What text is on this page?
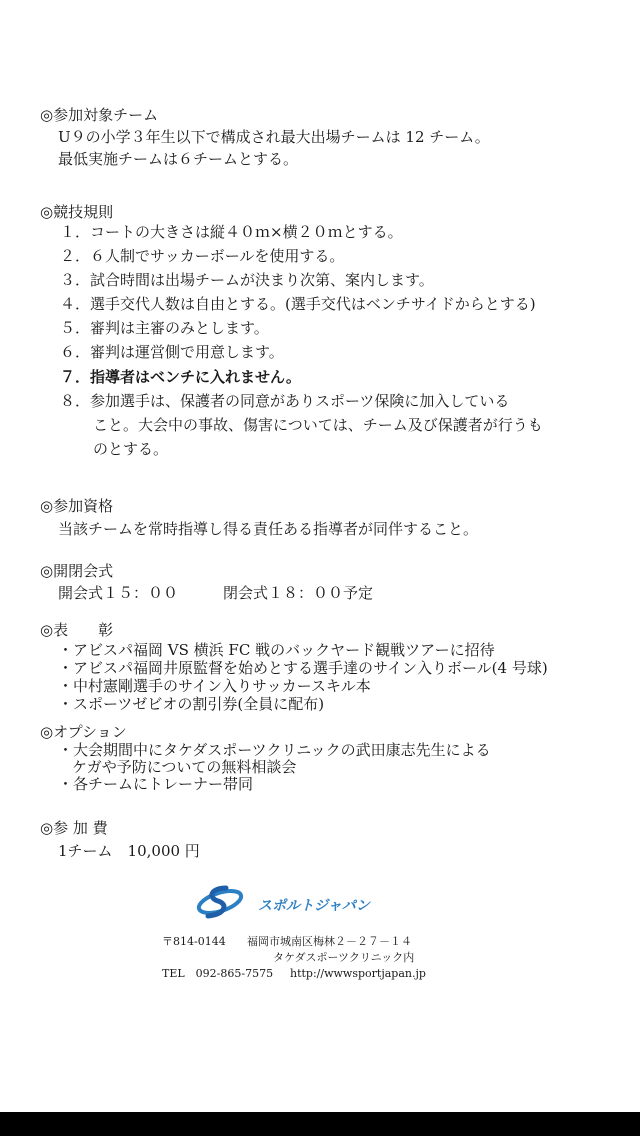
◎参加対象チーム
U９の小学３年生以下で構成され最大出場チームは 12 チーム。
最低実施チームは６チームとする。
◎競技規則
１．コートの大きさは縦４０ｍ×横２０ｍとする。
２．６人制でサッカーボールを使用する。
３．試合時間は出場チームが決まり次第、案内します。
４．選手交代人数は自由とする。(選手交代はベンチサイドからとする)
５．審判は主審のみとします。
６．審判は運営側で用意します。
７．指導者はベンチに入れません。
８．参加選手は、保護者の同意がありスポーツ保険に加入している
こと。大会中の事故、傷害については、チーム及び保護者が行うも
のとする。
◎参加資格
当該チームを常時指導し得る責任ある指導者が同伴すること。
◎開閉会式
開会式１５：００　　　閉会式１８：００予定
◎表　　彰
・アビスパ福岡 VS 横浜 FC 戦のバックヤード観戦ツアーに招待
・アビスパ福岡井原監督を始めとする選手達のサイン入りボール(4 号球)
・中村憲剛選手のサイン入りサッカースキル本
・スポーツゼビオの割引券(全員に配布)
◎オプション
・大会期間中にタケダスポーツクリニックの武田康志先生による
ケガや予防についての無料相談会
・各チームにトレーナー帯同
◎参 加 費
1チーム　10,000 円
スポルトジャパン
〒814-0144 福岡市城南区梅林２－２７－１４
タケダスポーツクリニック内
TEL　092-865-7575 http://wwwsportjapan.jp
